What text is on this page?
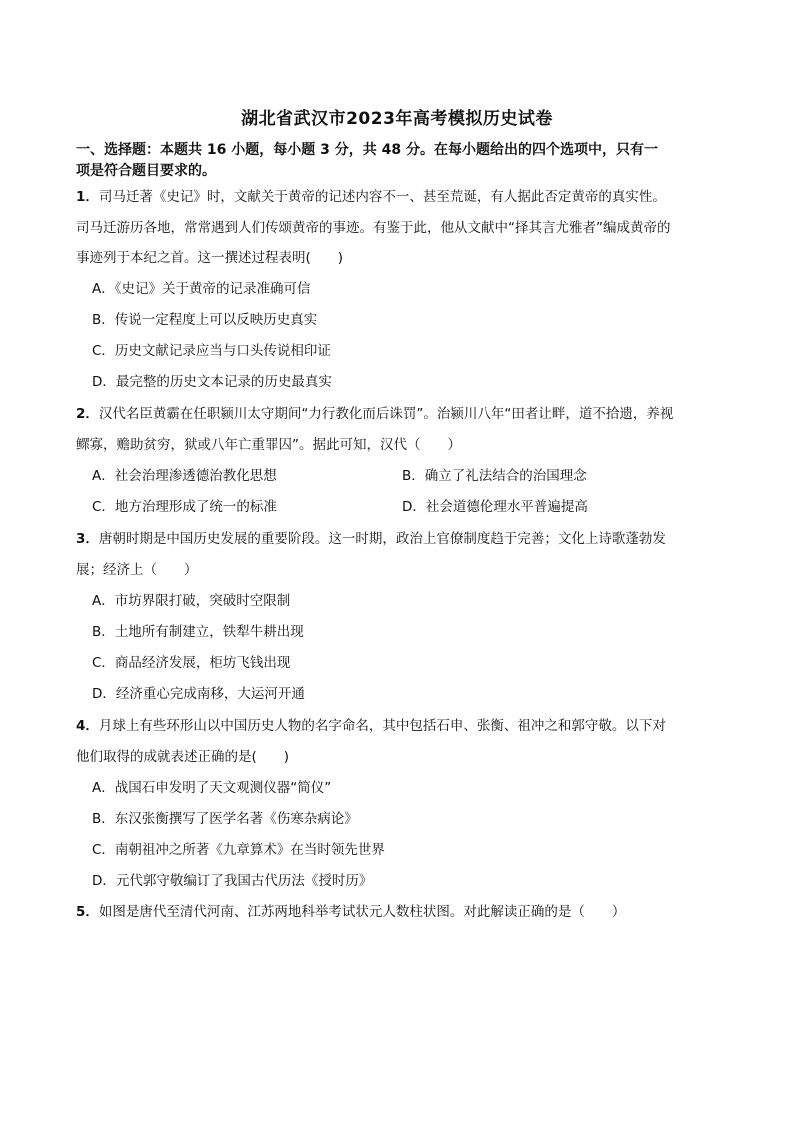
湖北省武汉市2023年高考模拟历史试卷
一、选择题：本题共 16 小题，每小题 3 分，共 48 分。在每小题给出的四个选项中，只有一
项是符合题目要求的。
1．司马迁著《史记》时，文献关于黄帝的记述内容不一、甚至荒诞，有人据此否定黄帝的真实性。
司马迁游历各地，常常遇到人们传颂黄帝的事迹。有鉴于此，他从文献中“择其言尤雅者”编成黄帝的
事迹列于本纪之首。这一撰述过程表明(　　)
A．《史记》关于黄帝的记录准确可信
B．传说一定程度上可以反映历史真实
C．历史文献记录应当与口头传说相印证
D．最完整的历史文本记录的历史最真实
2．汉代名臣黄霸在任职颍川太守期间“力行教化而后诛罚”。治颍川八年“田者让畔，道不拾遗，养视
鳏寡，赡助贫穷，狱或八年亡重罪囚”。据此可知，汉代（　　）
A．社会治理渗透德治教化思想	B．确立了礼法结合的治国理念
C．地方治理形成了统一的标准	D．社会道德伦理水平普遍提高
3．唐朝时期是中国历史发展的重要阶段。这一时期，政治上官僚制度趋于完善；文化上诗歌蓬勃发
展；经济上（　　）
A．市坊界限打破，突破时空限制
B．土地所有制建立，铁犁牛耕出现
C．商品经济发展，柜坊飞钱出现
D．经济重心完成南移，大运河开通
4．月球上有些环形山以中国历史人物的名字命名，其中包括石申、张衡、祖冲之和郭守敬。以下对
他们取得的成就表述正确的是(　　)
A．战国石申发明了天文观测仪器“简仪”
B．东汉张衡撰写了医学名著《伤寒杂病论》
C．南朝祖冲之所著《九章算术》在当时领先世界
D．元代郭守敬编订了我国古代历法《授时历》
5．如图是唐代至清代河南、江苏两地科举考试状元人数柱状图。对此解读正确的是（　　）
